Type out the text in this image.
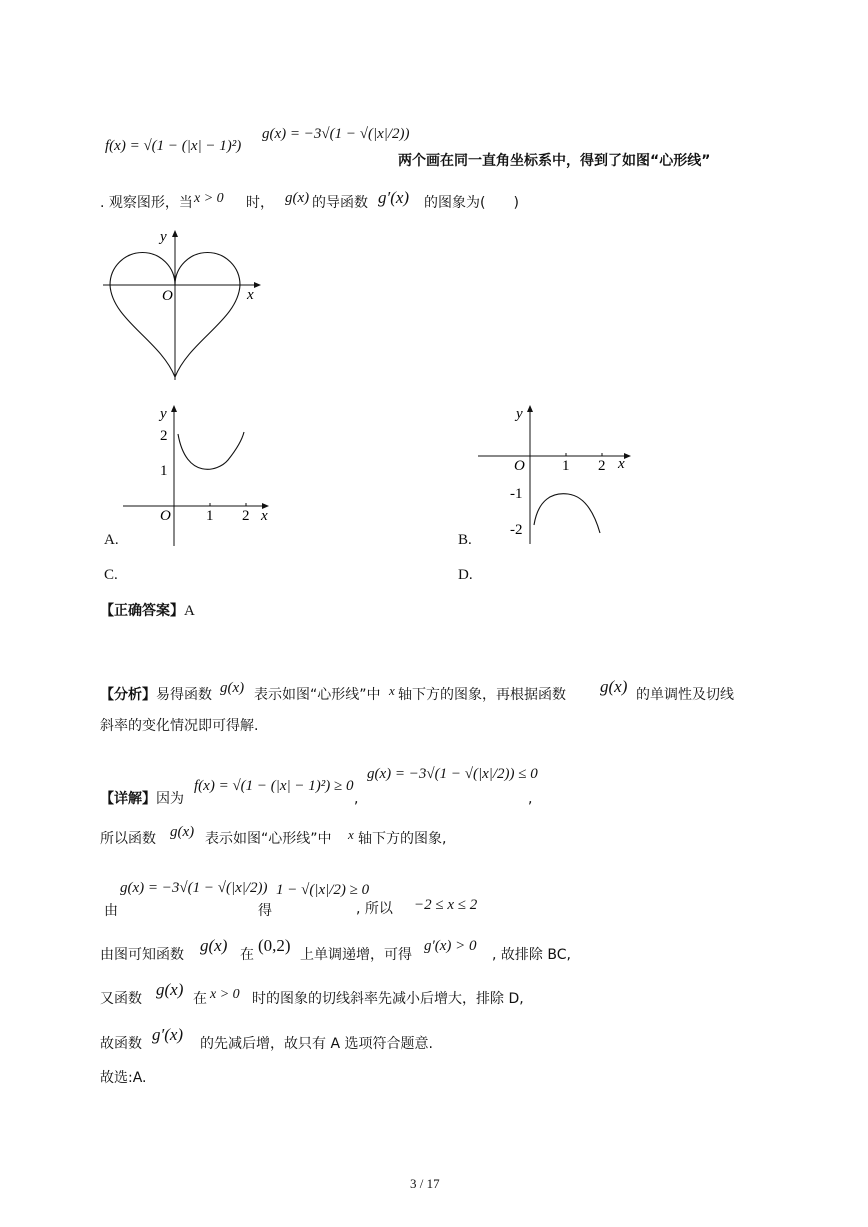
f(x) = √(1 − (|x| − 1)²)
g(x) = −3√(1 − √(|x|/2))
两个画在同一直角坐标系中，得到了如图“心形线”
. 观察图形，当 x > 0 时， g(x) 的导函数 g′(x) 的图象为(　　)
O	x
y
O 1 2 x
y
2
1	O 1 2 x
y
-1
-2
A.	B.
C.	D.
【正确答案】A
【分析】易得函数 g(x) 表示如图“心形线”中 x 轴下方的图象，再根据函数 g(x) 的单调性及切线
斜率的变化情况即可得解.
【详解】因为
f(x) = √(1 − (|x| − 1)²) ≥ 0
,
g(x) = −3√(1 − √(|x|/2)) ≤ 0
,
所以函数 g(x) 表示如图“心形线”中 x 轴下方的图象,
由
g(x) = −3√(1 − √(|x|/2))
得
1 − √(|x|/2) ≥ 0
, 所以 −2 ≤ x ≤ 2
由图可知函数 g(x) 在 (0,2) 上单调递增，可得
g′(x) > 0
, 故排除 BC,
又函数 g(x) 在 x > 0 时的图象的切线斜率先减小后增大，排除 D,
故函数 g′(x) 的先减后增，故只有 A 选项符合题意.
故选:A.
3 / 17
